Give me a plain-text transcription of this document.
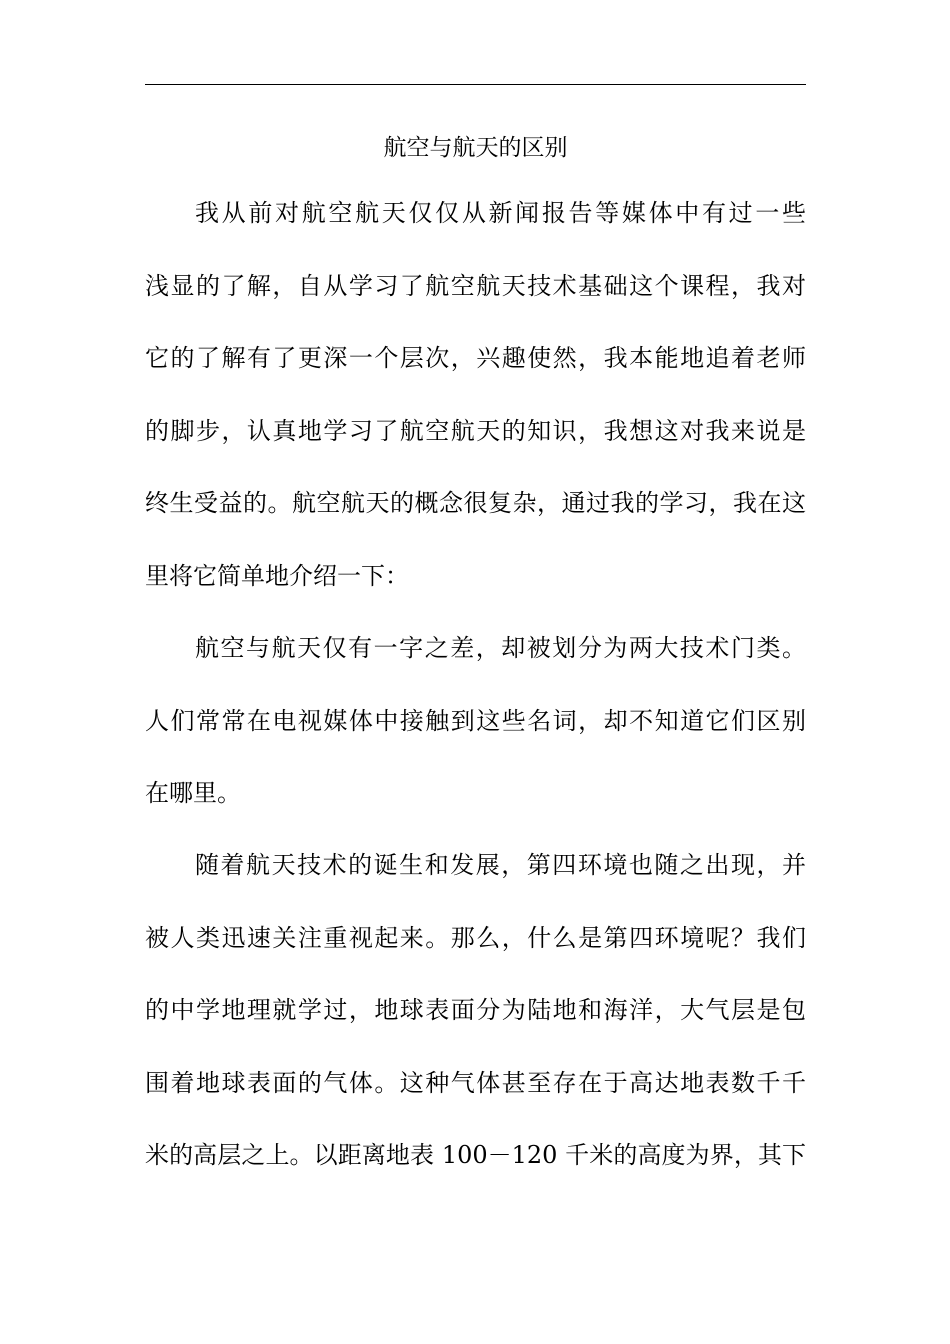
航空与航天的区别
我从前对航空航天仅仅从新闻报告等媒体中有过一些
浅显的了解，自从学习了航空航天技术基础这个课程，我对
它的了解有了更深一个层次，兴趣使然，我本能地追着老师
的脚步，认真地学习了航空航天的知识，我想这对我来说是
终生受益的。航空航天的概念很复杂，通过我的学习，我在这
里将它简单地介绍一下：
航空与航天仅有一字之差，却被划分为两大技术门类。
人们常常在电视媒体中接触到这些名词，却不知道它们区别
在哪里。
随着航天技术的诞生和发展，第四环境也随之出现，并
被人类迅速关注重视起来。那么，什么是第四环境呢？我们
的中学地理就学过，地球表面分为陆地和海洋，大气层是包
围着地球表面的气体。这种气体甚至存在于高达地表数千千
米的高层之上。以距离地表 100－120 千米的高度为界，其下
